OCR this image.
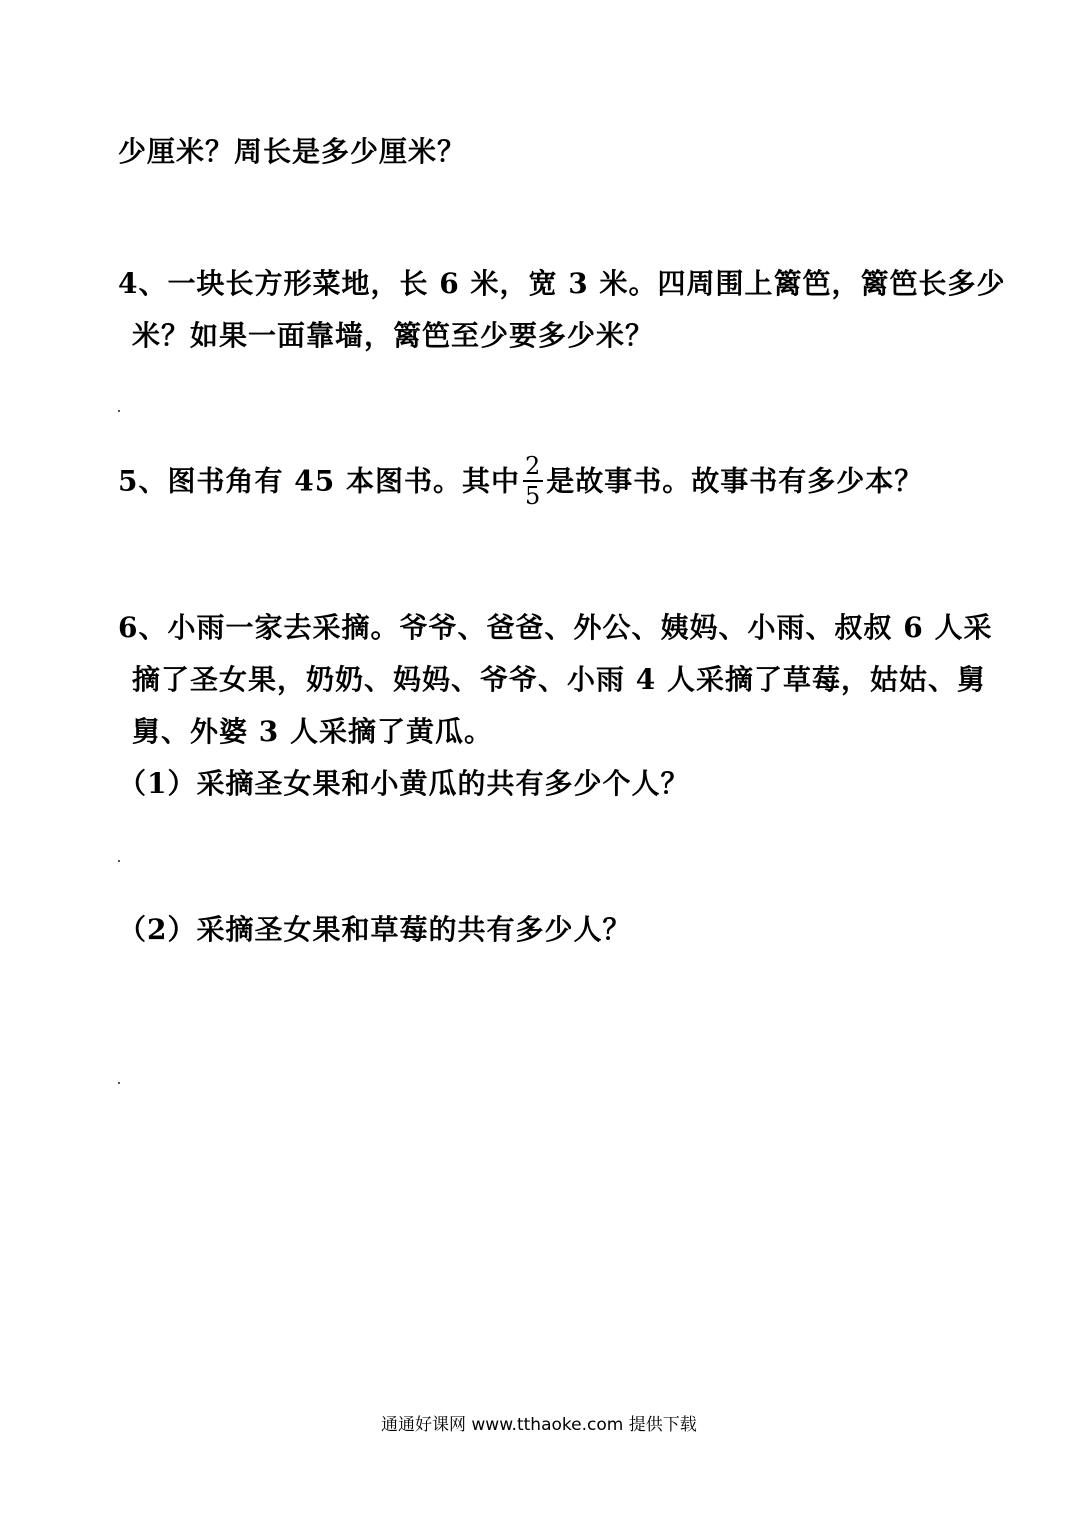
少厘米？周长是多少厘米？
4、一块长方形菜地，长 6 米，宽 3 米。四周围上篱笆，篱笆长多少
米？如果一面靠墙，篱笆至少要多少米？
5、图书角有 45 本图书。其中 $\frac{2}{5}$ 是故事书。故事书有多少本？
6、小雨一家去采摘。爷爷、爸爸、外公、姨妈、小雨、叔叔 6 人采
摘了圣女果，奶奶、妈妈、爷爷、小雨 4 人采摘了草莓，姑姑、舅
舅、外婆 3 人采摘了黄瓜。
（1）采摘圣女果和小黄瓜的共有多少个人？
（2）采摘圣女果和草莓的共有多少人？
通通好课网 www.tthaoke.com 提供下载
